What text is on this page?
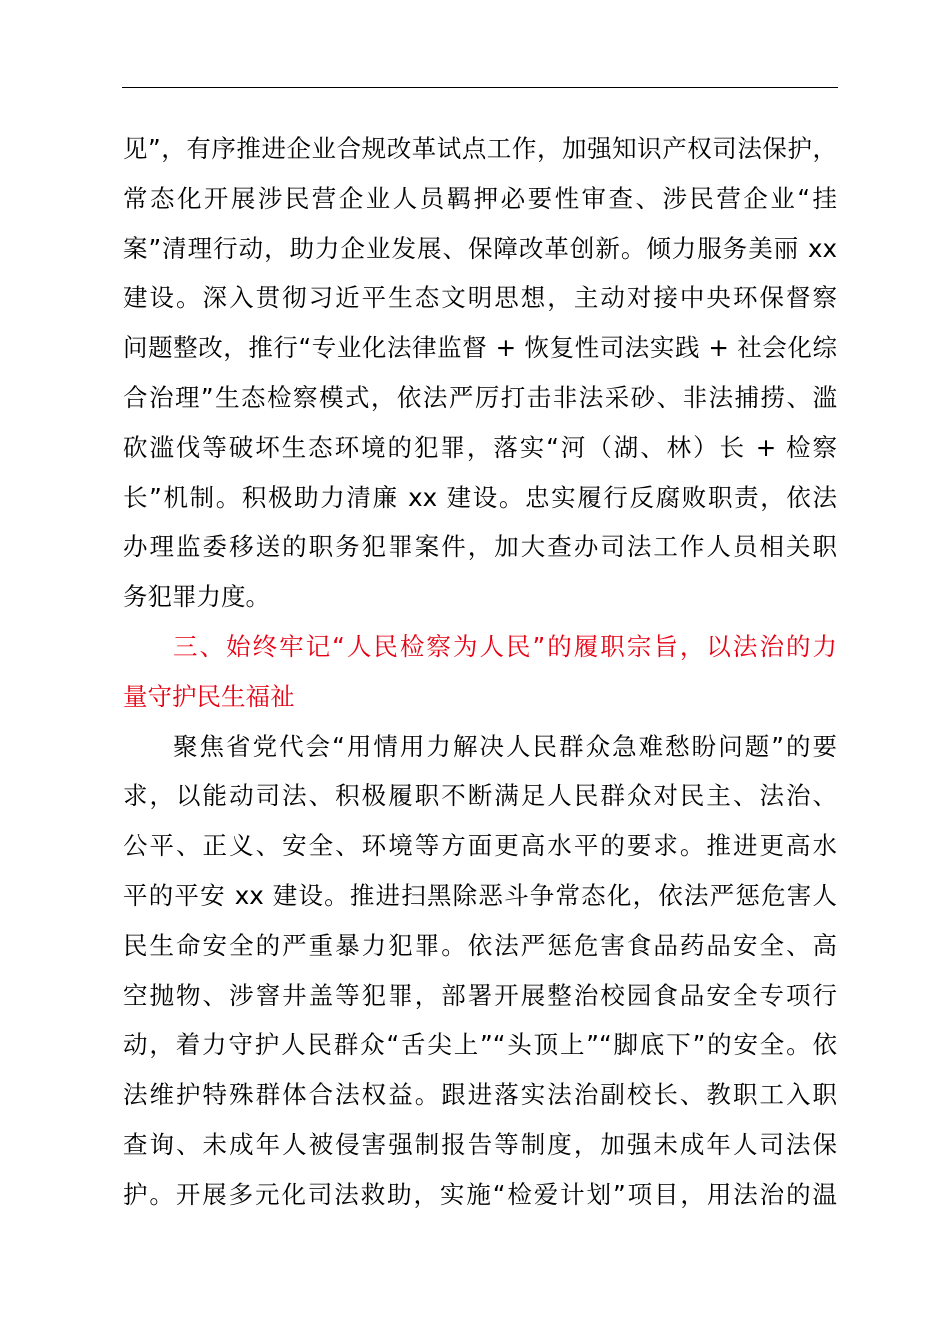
见”，有序推进企业合规改革试点工作，加强知识产权司法保护，
常态化开展涉民营企业人员羁押必要性审查、涉民营企业“挂
案”清理行动，助力企业发展、保障改革创新。倾力服务美丽 xx
建设。深入贯彻习近平生态文明思想，主动对接中央环保督察
问题整改，推行“专业化法律监督 + 恢复性司法实践 + 社会化综
合治理”生态检察模式，依法严厉打击非法采砂、非法捕捞、滥
砍滥伐等破坏生态环境的犯罪，落实“河（湖、林）长 + 检察
长”机制。积极助力清廉 xx 建设。忠实履行反腐败职责，依法
办理监委移送的职务犯罪案件，加大查办司法工作人员相关职
务犯罪力度。
三、始终牢记“人民检察为人民”的履职宗旨，以法治的力
量守护民生福祉
聚焦省党代会“用情用力解决人民群众急难愁盼问题”的要
求，以能动司法、积极履职不断满足人民群众对民主、法治、
公平、正义、安全、环境等方面更高水平的要求。推进更高水
平的平安 xx 建设。推进扫黑除恶斗争常态化，依法严惩危害人
民生命安全的严重暴力犯罪。依法严惩危害食品药品安全、高
空抛物、涉窨井盖等犯罪，部署开展整治校园食品安全专项行
动，着力守护人民群众“舌尖上”“头顶上”“脚底下”的安全。依
法维护特殊群体合法权益。跟进落实法治副校长、教职工入职
查询、未成年人被侵害强制报告等制度，加强未成年人司法保
护。开展多元化司法救助，实施“检爱计划”项目，用法治的温
